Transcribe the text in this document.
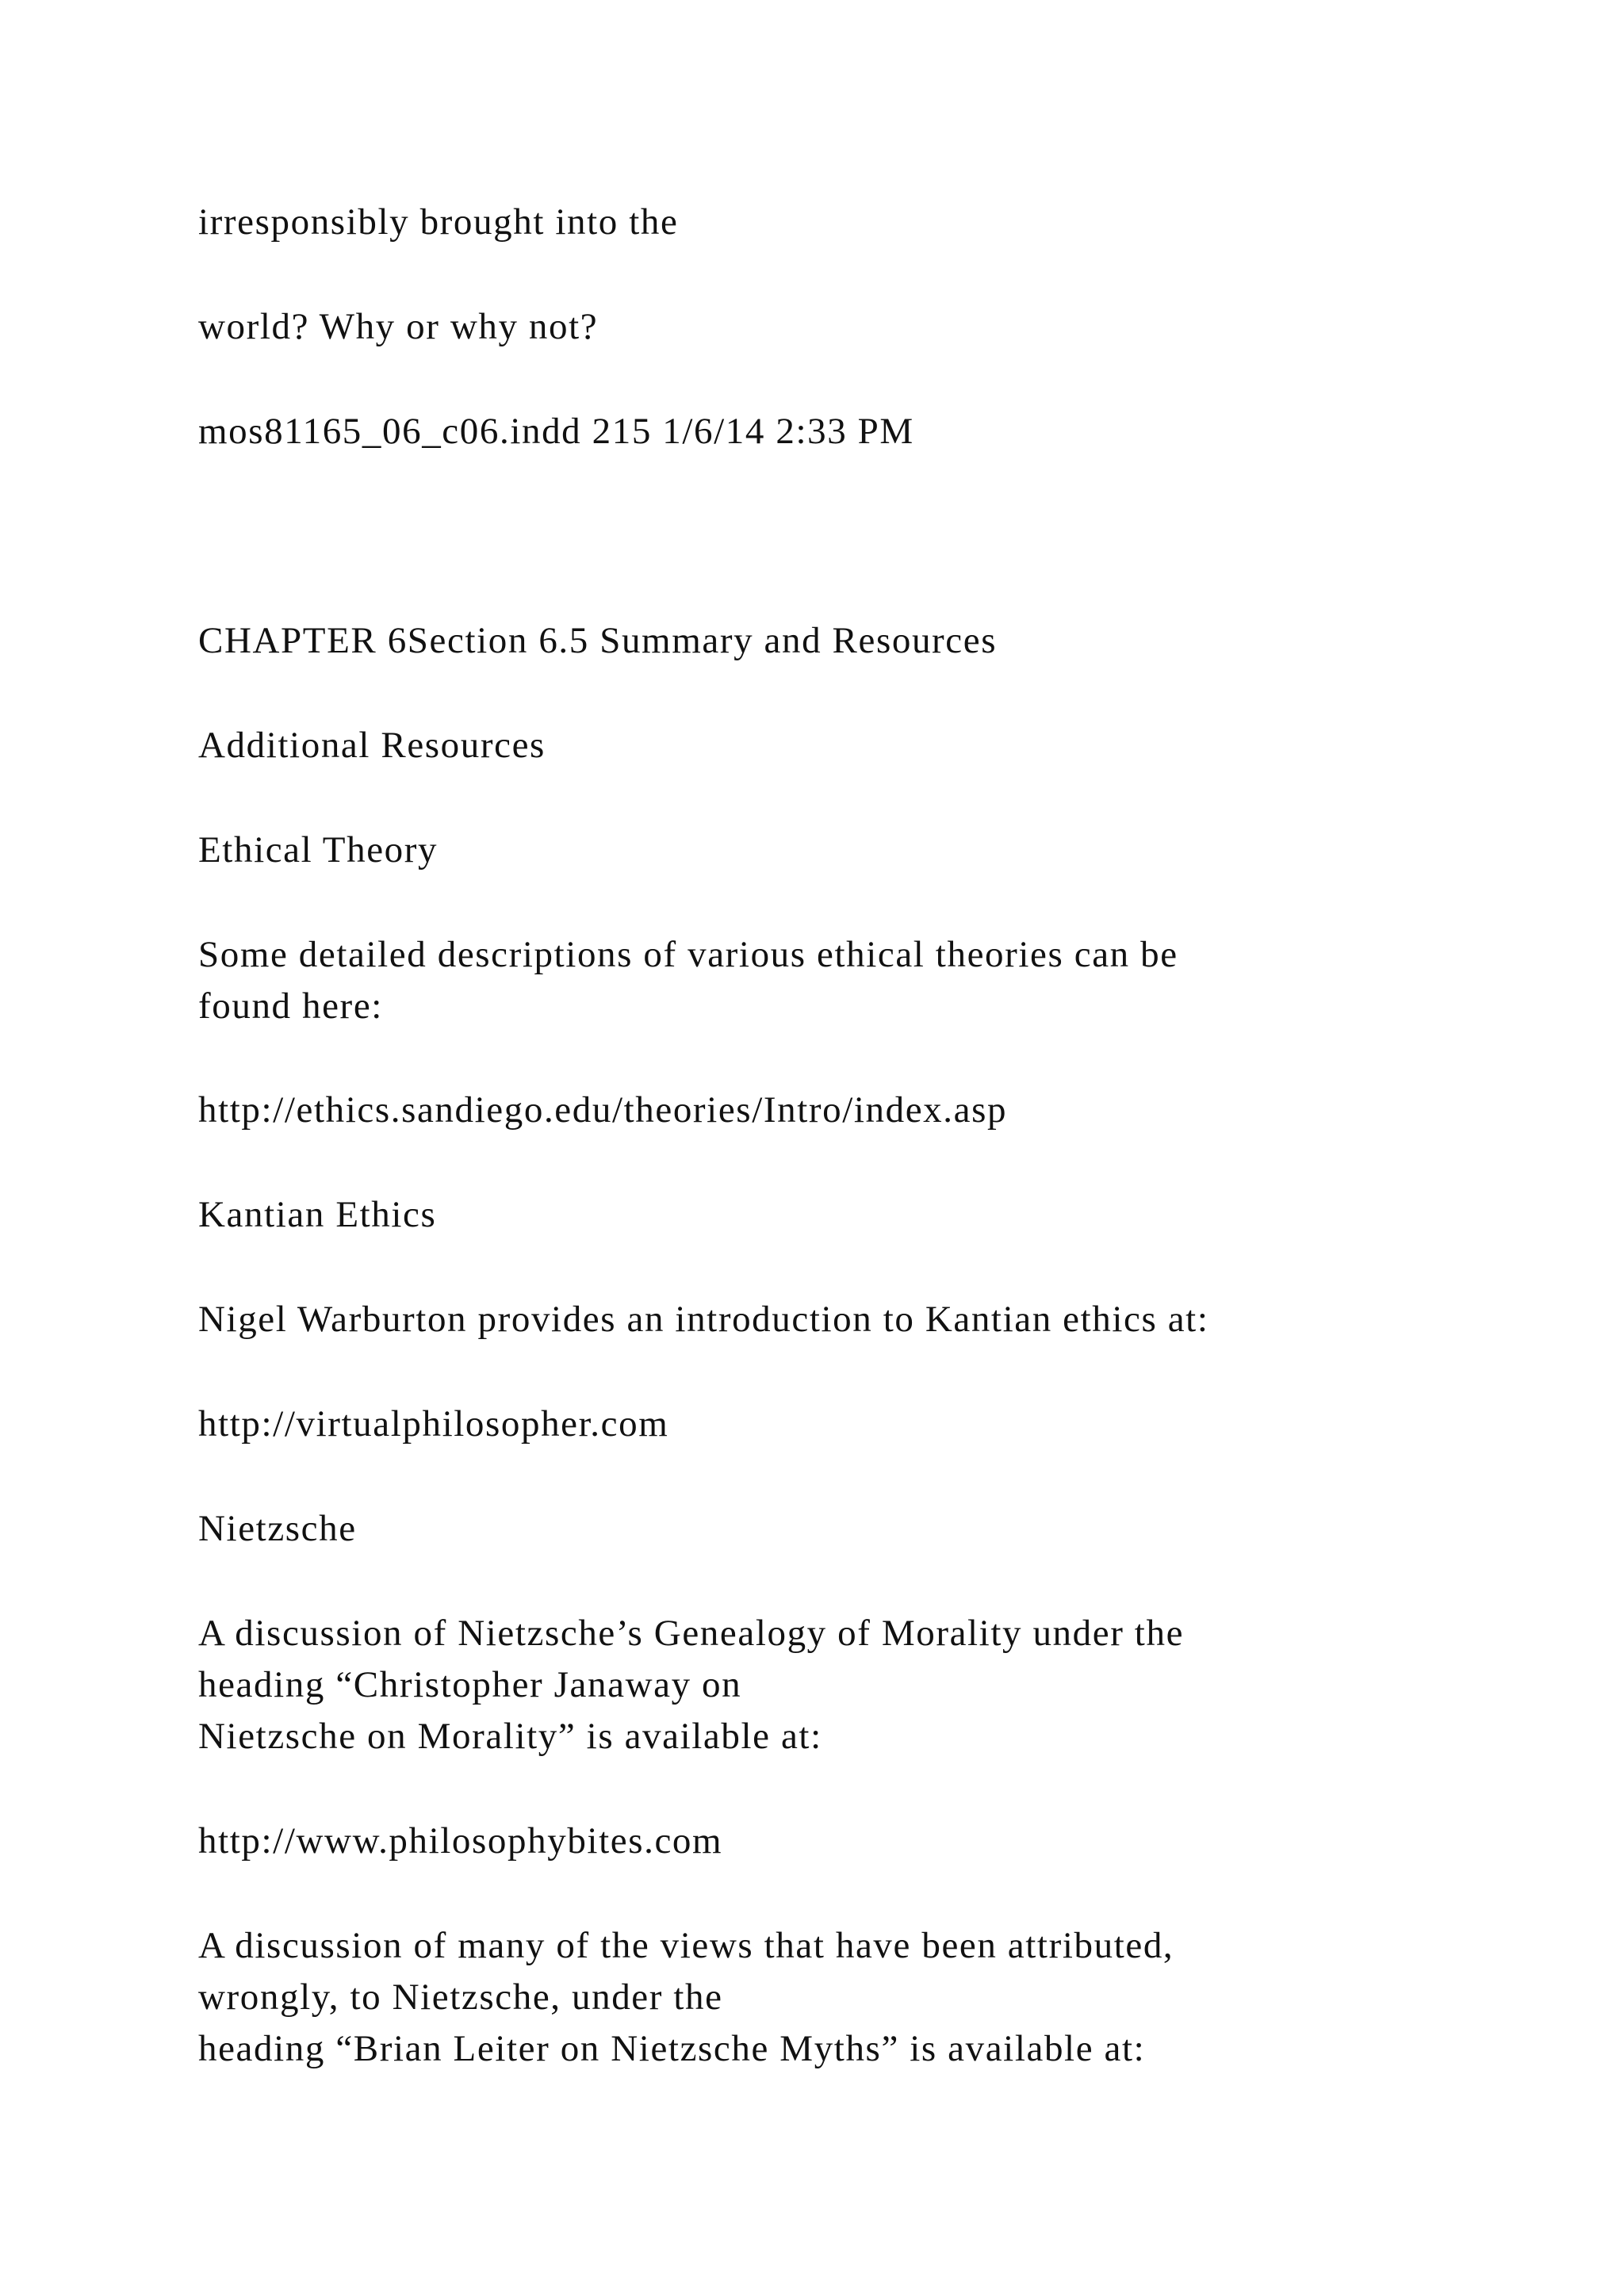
irresponsibly brought into the

world? Why or why not?

mos81165_06_c06.indd 215 1/6/14 2:33 PM

CHAPTER 6Section 6.5 Summary and Resources

Additional Resources

Ethical Theory

Some detailed descriptions of various ethical theories can be
found here:

http://ethics.sandiego.edu/theories/Intro/index.asp

Kantian Ethics

Nigel Warburton provides an introduction to Kantian ethics at:

http://virtualphilosopher.com

Nietzsche

A discussion of Nietzsche’s Genealogy of Morality under the
heading “Christopher Janaway on
Nietzsche on Morality” is available at:

http://www.philosophybites.com

A discussion of many of the views that have been attributed,
wrongly, to Nietzsche, under the
heading “Brian Leiter on Nietzsche Myths” is available at:
